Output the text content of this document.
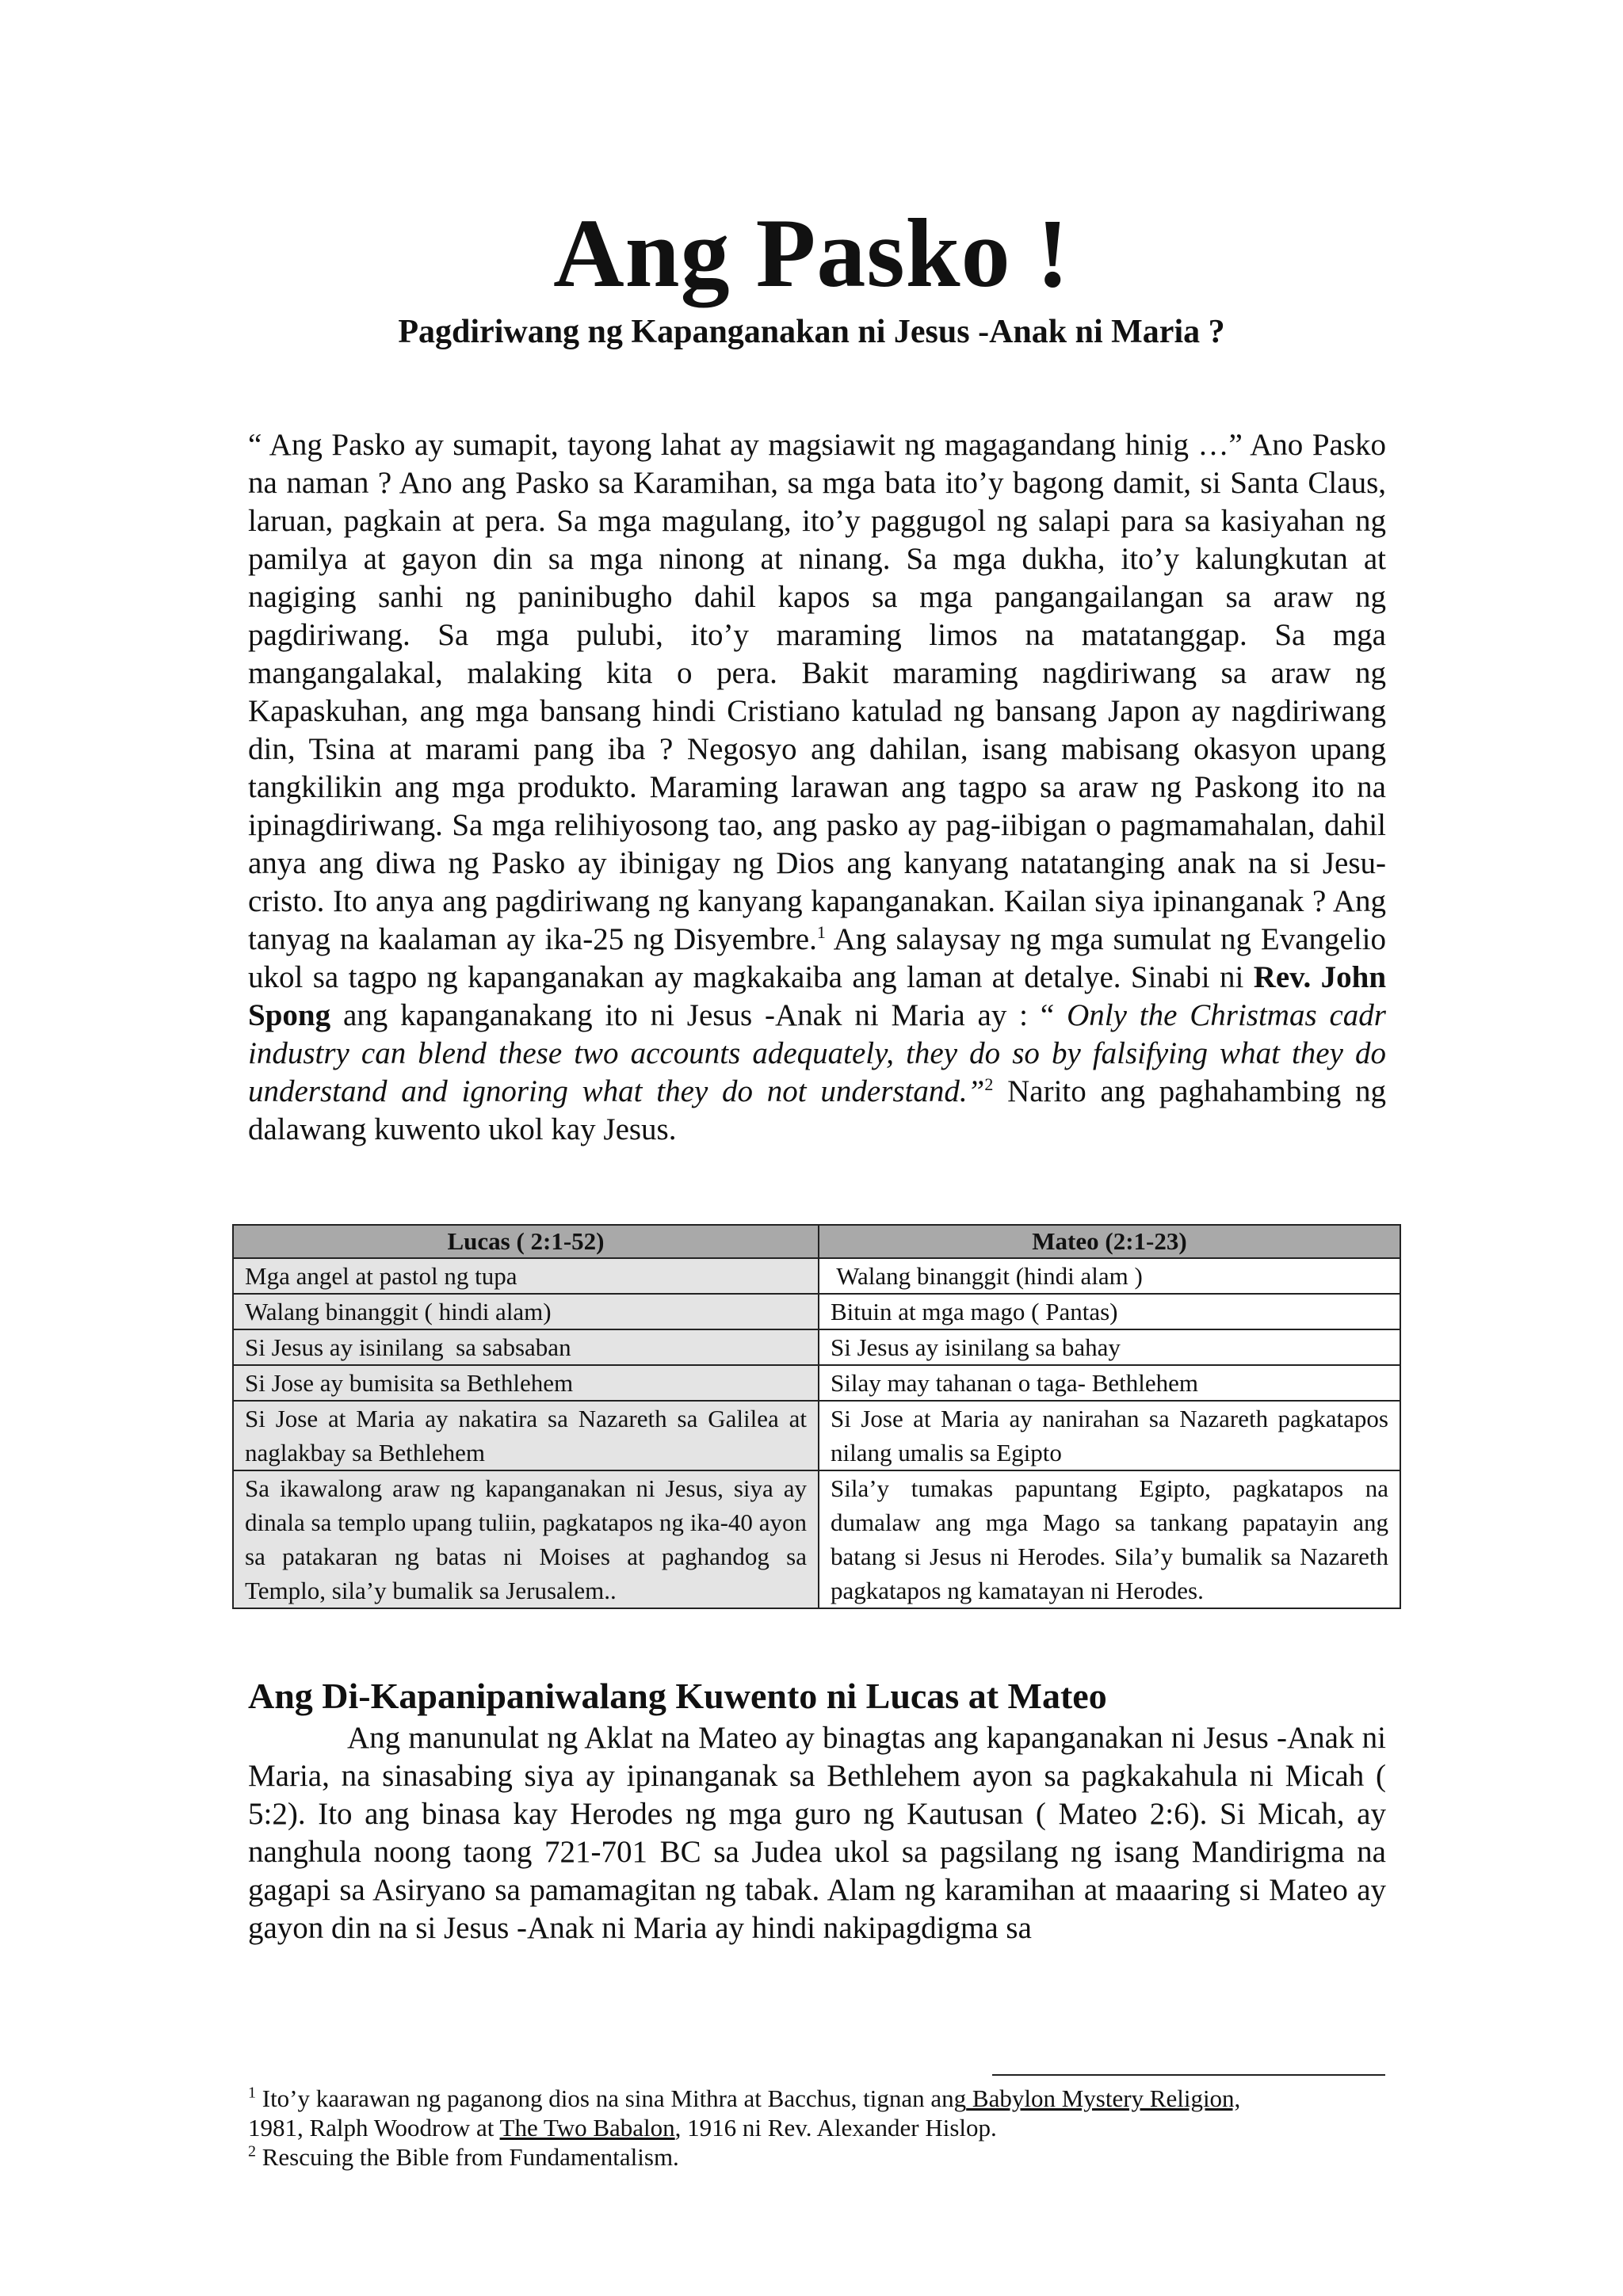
Ang Pasko !
Pagdiriwang ng Kapanganakan ni Jesus -Anak ni Maria ?

“ Ang Pasko ay sumapit, tayong lahat ay magsiawit ng magagandang hinig …” Ano Pasko na naman ? Ano ang Pasko sa Karamihan, sa mga bata ito’y bagong damit, si Santa Claus, laruan, pagkain at pera. Sa mga magulang, ito’y paggugol ng salapi para sa kasiyahan ng pamilya at gayon din sa mga ninong at ninang. Sa mga dukha, ito’y kalungkutan at nagiging sanhi ng paninibugho dahil kapos sa mga pangangailangan sa araw ng pagdiriwang. Sa mga pulubi, ito’y maraming limos na matatanggap. Sa mga mangangalakal, malaking kita o pera. Bakit maraming nagdiriwang sa araw ng Kapaskuhan, ang mga bansang hindi Cristiano katulad ng bansang Japon ay nagdiriwang din, Tsina at marami pang iba ? Negosyo ang dahilan, isang mabisang okasyon upang tangkilikin ang mga produkto. Maraming larawan ang tagpo sa araw ng Paskong ito na ipinagdiriwang. Sa mga relihiyosong tao, ang pasko ay pag-iibigan o pagmamahalan, dahil anya ang diwa ng Pasko ay ibinigay ng Dios ang kanyang natatanging anak na si Jesu-cristo. Ito anya ang pagdiriwang ng kanyang kapanganakan. Kailan siya ipinanganak ? Ang tanyag na kaalaman ay ika-25 ng Disyembre.$^1$ Ang salaysay ng mga sumulat ng Evangelio ukol sa tagpo ng kapanganakan ay magkakaiba ang laman at detalye. Sinabi ni Rev. John Spong ang kapanganakang ito ni Jesus -Anak ni Maria ay : “ Only the Christmas cadr industry can blend these two accounts adequately, they do so by falsifying what they do understand and ignoring what they do not understand.”$^2$ Narito ang paghahambing ng dalawang kuwento ukol kay Jesus.

Lucas ( 2:1-52)	Mateo (2:1-23)
Mga angel at pastol ng tupa	Walang binanggit (hindi alam )
Walang binanggit ( hindi alam)	Bituin at mga mago ( Pantas)
Si Jesus ay isinilang  sa sabsaban	Si Jesus ay isinilang sa bahay
Si Jose ay bumisita sa Bethlehem	Silay may tahanan o taga- Bethlehem
Si Jose at Maria ay nakatira sa Nazareth sa Galilea at naglakbay sa Bethlehem	Si Jose at Maria ay nanirahan sa Nazareth pagkatapos nilang umalis sa Egipto
Sa ikawalong araw ng kapanganakan ni Jesus, siya ay dinala sa templo upang tuliin, pagkatapos ng ika-40 ayon sa patakaran ng batas ni Moises at paghandog sa Templo, sila’y bumalik sa Jerusalem..	Sila’y tumakas papuntang Egipto, pagkatapos na dumalaw ang mga Mago sa tankang papatayin ang batang si Jesus ni Herodes. Sila’y bumalik sa Nazareth pagkatapos ng kamatayan ni Herodes.
Ang Di-Kapanipaniwalang Kuwento ni Lucas at Mateo

Ang manunulat ng Aklat na Mateo ay binagtas ang kapanganakan ni Jesus -Anak ni Maria, na sinasabing siya ay ipinanganak sa Bethlehem ayon sa pagkakahula ni Micah ( 5:2). Ito ang binasa kay Herodes ng mga guro ng Kautusan ( Mateo 2:6). Si Micah, ay nanghula noong taong 721-701 BC sa Judea ukol sa pagsilang ng isang Mandirigma na gagapi sa Asiryano sa pamamagitan ng tabak. Alam ng karamihan at maaaring si Mateo ay gayon din na si Jesus -Anak ni Maria ay hindi nakipagdigma sa

$^1$ Ito’y kaarawan ng paganong dios na sina Mithra at Bacchus, tignan ang Babylon Mystery Religion,
1981, Ralph Woodrow at The Two Babalon, 1916 ni Rev. Alexander Hislop.

$^2$ Rescuing the Bible from Fundamentalism.
